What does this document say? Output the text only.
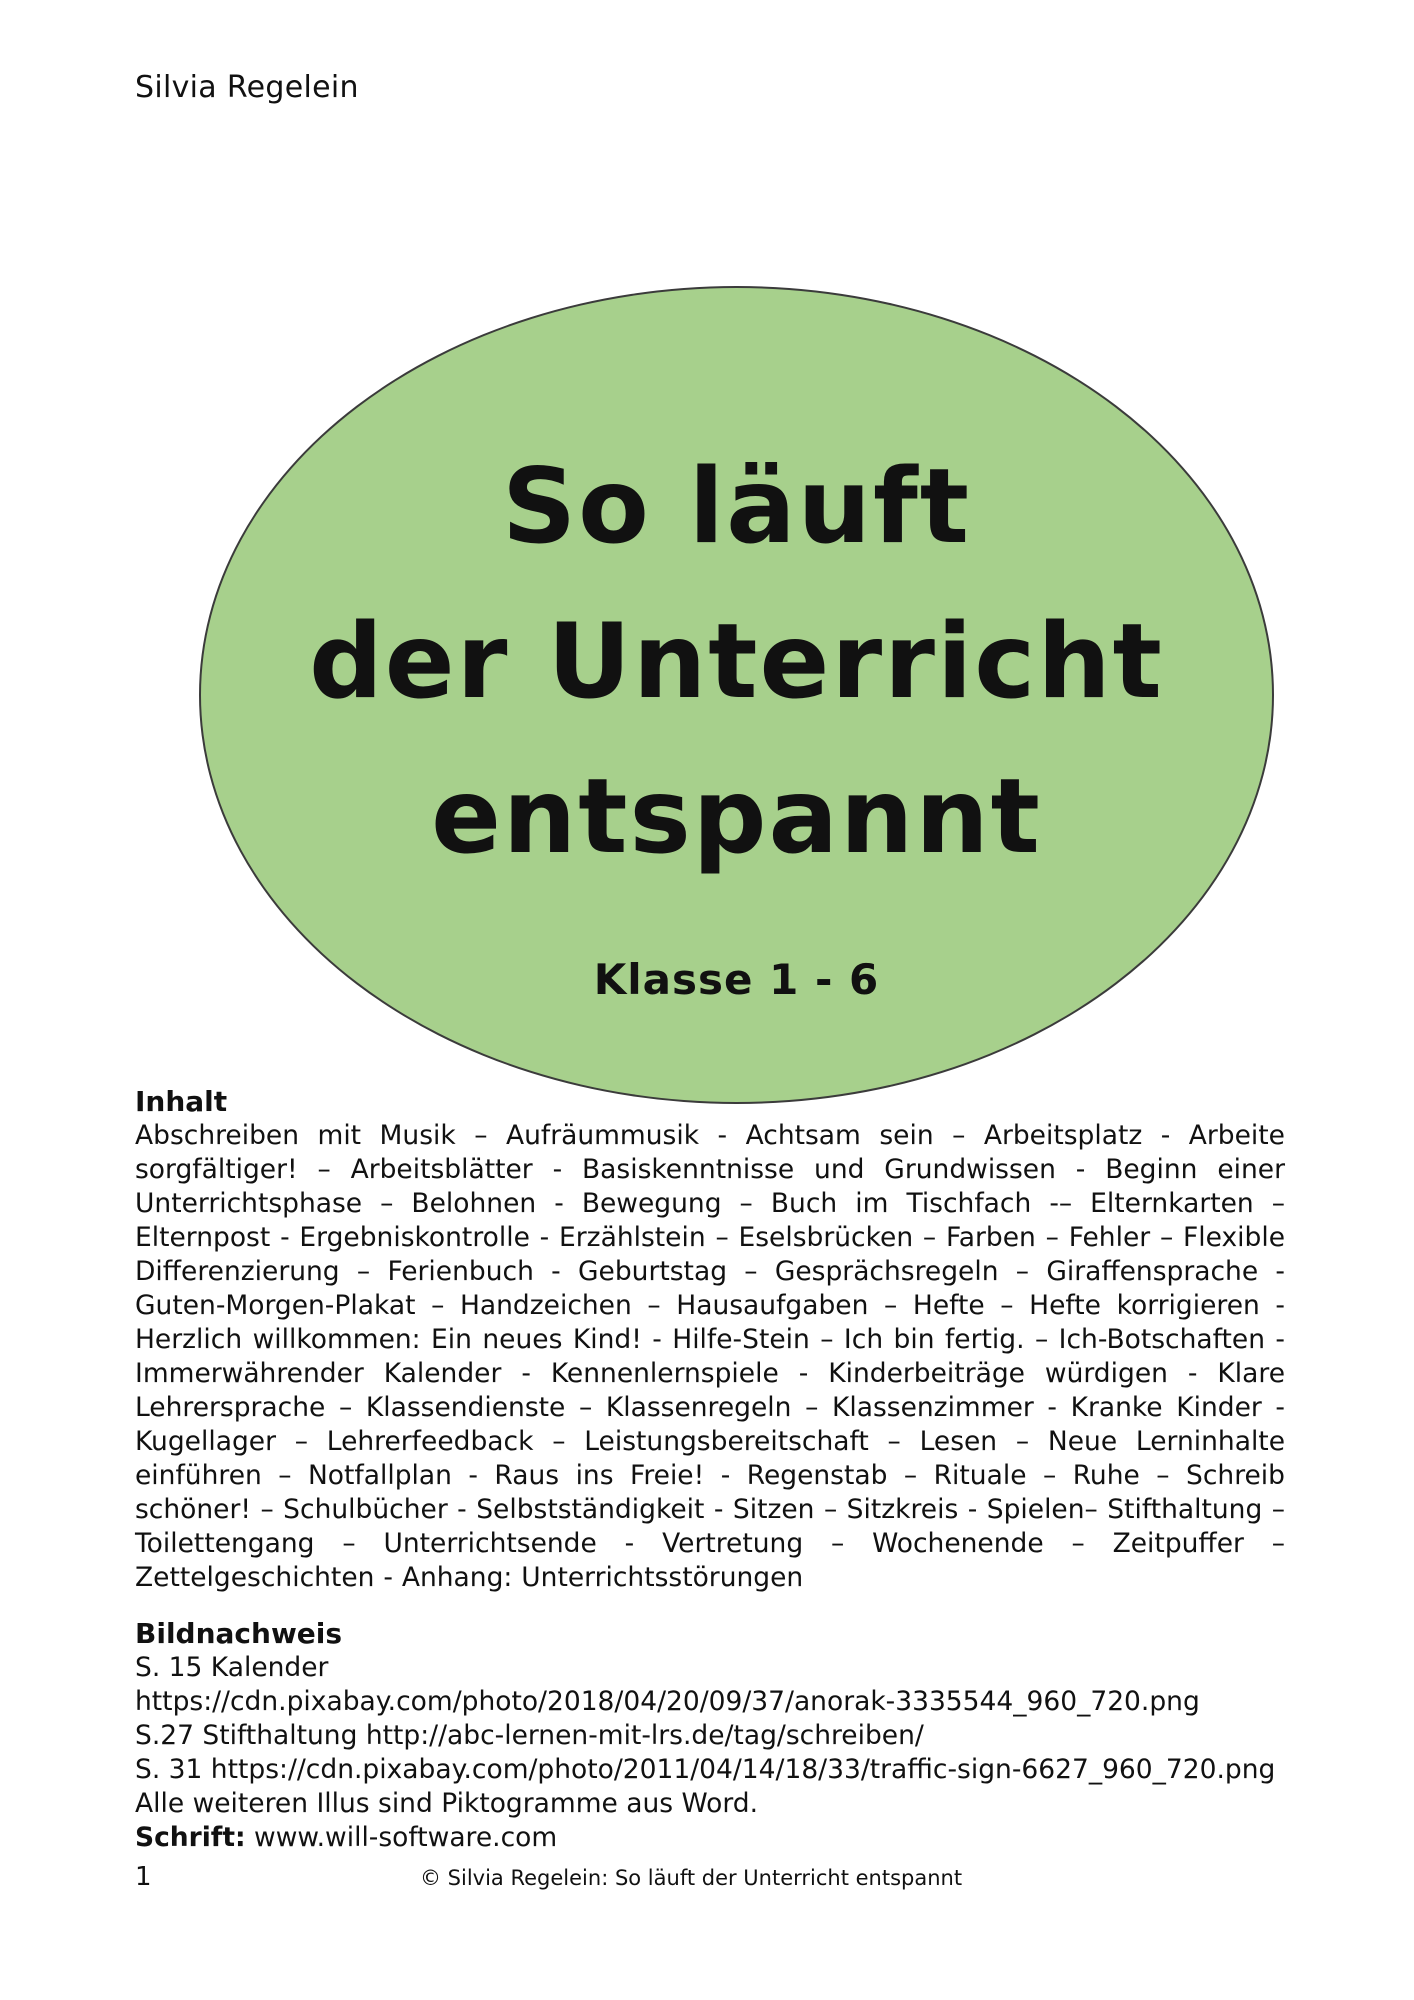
Silvia Regelein
So läuft
der Unterricht
entspannt
Klasse 1 - 6
Inhalt
Abschreiben mit Musik – Aufräummusik - Achtsam sein – Arbeitsplatz - Arbeite sorgfältiger! – Arbeitsblätter - Basiskenntnisse und Grundwissen - Beginn einer Unterrichtsphase – Belohnen - Bewegung – Buch im Tischfach -– Elternkarten – Elternpost - Ergebniskontrolle - Erzählstein – Eselsbrücken – Farben – Fehler – Flexible Differenzierung – Ferienbuch - Geburtstag – Gesprächsregeln – Giraffensprache - Guten-Morgen-Plakat – Handzeichen – Hausaufgaben – Hefte – Hefte korrigieren - Herzlich willkommen: Ein neues Kind! - Hilfe-Stein – Ich bin fertig. – Ich-Botschaften - Immerwährender Kalender - Kennenlernspiele - Kinderbeiträge würdigen - Klare Lehrersprache – Klassendienste – Klassenregeln – Klassenzimmer - Kranke Kinder - Kugellager – Lehrerfeedback – Leistungsbereitschaft – Lesen – Neue Lerninhalte einführen – Notfallplan - Raus ins Freie! - Regenstab – Rituale – Ruhe – Schreib schöner! – Schulbücher - Selbstständigkeit - Sitzen – Sitzkreis - Spielen– Stifthaltung – Toilettengang – Unterrichtsende - Vertretung – Wochenende – Zeitpuffer – Zettelgeschichten - Anhang: Unterrichtsstörungen
Bildnachweis
S. 15 Kalender
https://cdn.pixabay.com/photo/2018/04/20/09/37/anorak-3335544_960_720.png
S.27 Stifthaltung http://abc-lernen-mit-lrs.de/tag/schreiben/
S. 31 https://cdn.pixabay.com/photo/2011/04/14/18/33/traffic-sign-6627_960_720.png
Alle weiteren Illus sind Piktogramme aus Word.
Schrift: www.will-software.com
1	© Silvia Regelein: So läuft der Unterricht entspannt
